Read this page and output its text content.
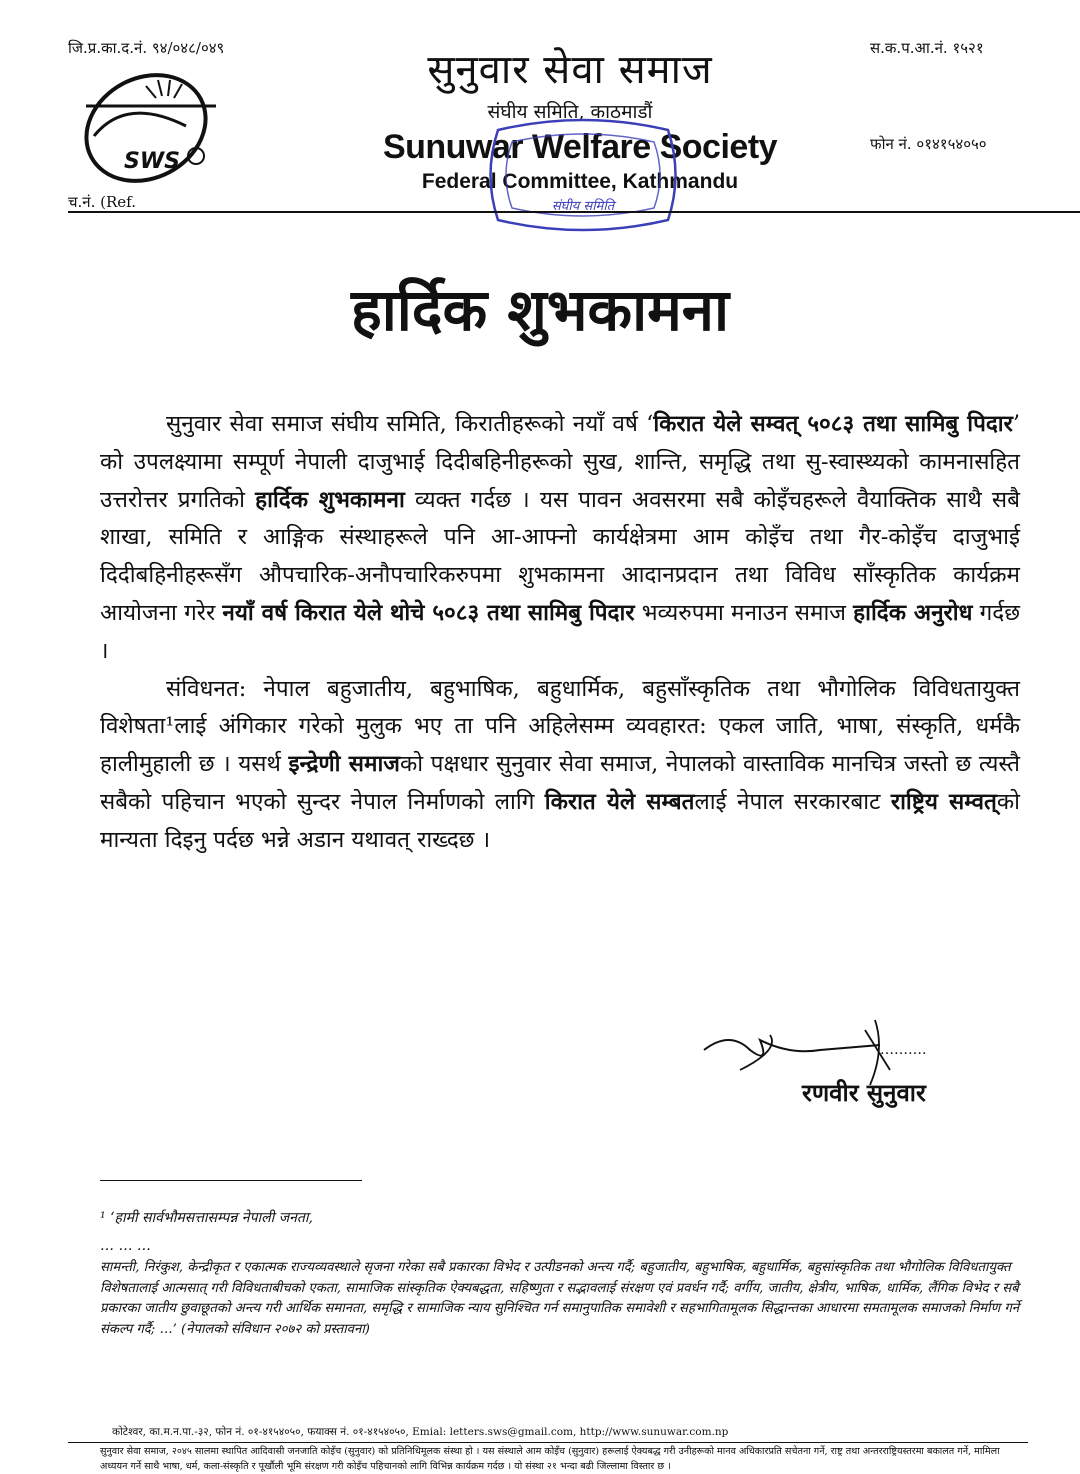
जि.प्र.का.द.नं. ९४/०४८/०४९	स.क.प.आ.नं. १५२१
फोन नं. ०१४१५४०५०
च.नं. (Ref.
SWS
सुनुवार सेवा समाज
संघीय समिति, काठमाडौं
Sunuwar Welfare Society
Federal Committee, Kathmandu
संघीय समिति
हार्दिक शुभकामना

सुनुवार सेवा समाज संघीय समिति, किरातीहरूको नयाँ वर्ष ‘किरात येले सम्वत् ५०८३ तथा सामिबु पिदार’ को उपलक्ष्यामा सम्पूर्ण नेपाली दाजुभाई दिदीबहिनीहरूको सुख, शान्ति, समृद्धि तथा सु-स्वास्थ्यको कामनासहित उत्तरोत्तर प्रगतिको हार्दिक शुभकामना व्यक्त गर्दछ । यस पावन अवसरमा सबै कोइँचहरूले वैयाक्तिक साथै सबै शाखा, समिति र आङ्गिक संस्थाहरूले पनि आ-आफ्नो कार्यक्षेत्रमा आम कोइँच तथा गैर-कोइँच दाजुभाई दिदीबहिनीहरूसँग औपचारिक-अनौपचारिकरुपमा शुभकामना आदानप्रदान तथा विविध साँस्कृतिक कार्यक्रम आयोजना गरेर नयाँ वर्ष किरात येले थोचे ५०८३ तथा सामिबु पिदार भव्यरुपमा मनाउन समाज हार्दिक अनुरोध गर्दछ ।

संविधनत: नेपाल बहुजातीय, बहुभाषिक, बहुधार्मिक, बहुसाँस्कृतिक तथा भौगोलिक विविधतायुक्त विशेषता¹लाई अंगिकार गरेको मुलुक भए ता पनि अहिलेसम्म व्यवहारत: एकल जाति, भाषा, संस्कृति, धर्मकै हालीमुहाली छ । यसर्थ इन्द्रेणी समाजको पक्षधार सुनुवार सेवा समाज, नेपालको वास्ताविक मानचित्र जस्तो छ त्यस्तै सबैको पहिचान भएको सुन्दर नेपाल निर्माणको लागि किरात येले सम्बतलाई नेपाल सरकारबाट राष्ट्रिय सम्वत्को मान्यता दिइनु पर्दछ भन्ने अडान यथावत् राख्दछ ।

……….
रणवीर सुनुवार
¹ ‘हामी सार्वभौमसत्तासम्पन्न नेपाली जनता,
… … …
सामन्ती, निरंकुश, केन्द्रीकृत र एकात्मक राज्यव्यवस्थाले सृजना गरेका सबै प्रकारका विभेद र उत्पीडनको अन्त्य गर्दै; बहुजातीय, बहुभाषिक, बहुधार्मिक, बहुसांस्कृतिक तथा भौगोलिक विविधतायुक्त विशेषतालाई आत्मसात् गरी विविधताबीचको एकता, सामाजिक सांस्कृतिक ऐक्यबद्धता, सहिष्णुता र सद्भावलाई संरक्षण एवं प्रवर्धन गर्दै; वर्गीय, जातीय, क्षेत्रीय, भाषिक, धार्मिक, लैंगिक विभेद र सबै प्रकारका जातीय छुवाछूतको अन्त्य गरी आर्थिक समानता, समृद्धि र सामाजिक न्याय सुनिश्चित गर्न समानुपातिक समावेशी र सहभागितामूलक सिद्धान्तका आधारमा समतामूलक समाजको निर्माण गर्ने संकल्प गर्दै; …’ (नेपालको संविधान २०७२ को प्रस्तावना)
कोटेश्वर, का.म.न.पा.-३२, फोन नं. ०१-४१५४०५०, फयाक्स नं. ०१-४१५४०५०, Emial: letters.sws@gmail.com, http://www.sunuwar.com.np
सुनुवार सेवा समाज, २०४५ सालमा स्थापित आदिवासी जनजाति कोइँच (सुनुवार) को प्रतिनिधिमूलक संस्था हो । यस संस्थाले आम कोइँच (सुनुवार) हरूलाई ऐक्यबद्ध गरी उनीहरूको मानव अधिकारप्रति सचेतना गर्ने, राष्ट्र तथा अन्तरराष्ट्रियस्तरमा बकालत गर्ने, मामिला अध्ययन गर्ने साथै भाषा, धर्म, कला-संस्कृति र पूर्खौली भूमि संरक्षण गरी कोइँच पहिचानको लागि विभिन्न कार्यक्रम गर्दछ । यो संस्था २१ भन्दा बढी जिल्लामा विस्तार छ ।
